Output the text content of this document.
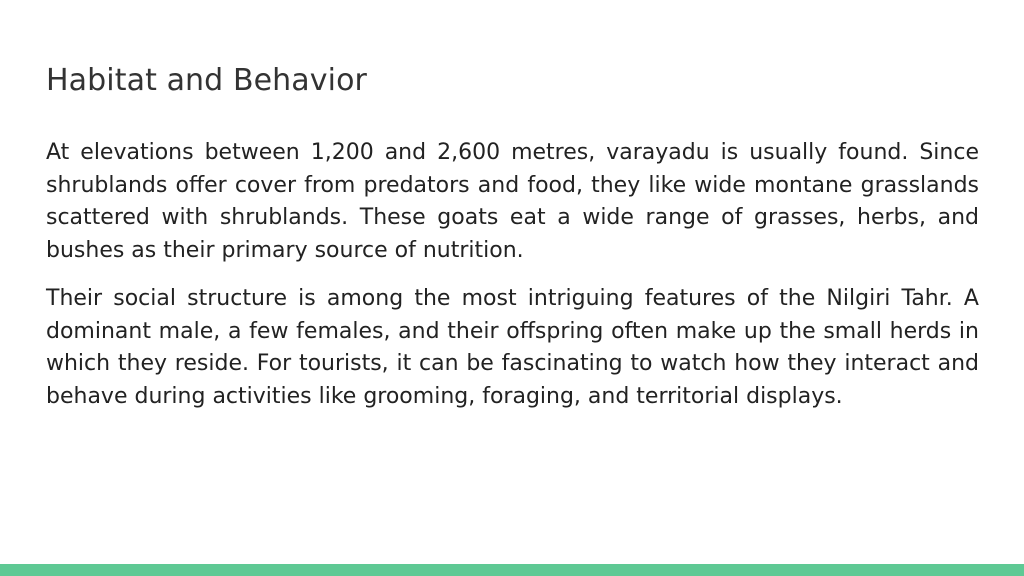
Habitat and Behavior

At elevations between 1,200 and 2,600 metres, varayadu is usually found. Since shrublands offer cover from predators and food, they like wide montane grasslands scattered with shrublands. These goats eat a wide range of grasses, herbs, and bushes as their primary source of nutrition.

Their social structure is among the most intriguing features of the Nilgiri Tahr. A dominant male, a few females, and their offspring often make up the small herds in which they reside. For tourists, it can be fascinating to watch how they interact and behave during activities like grooming, foraging, and territorial displays.
